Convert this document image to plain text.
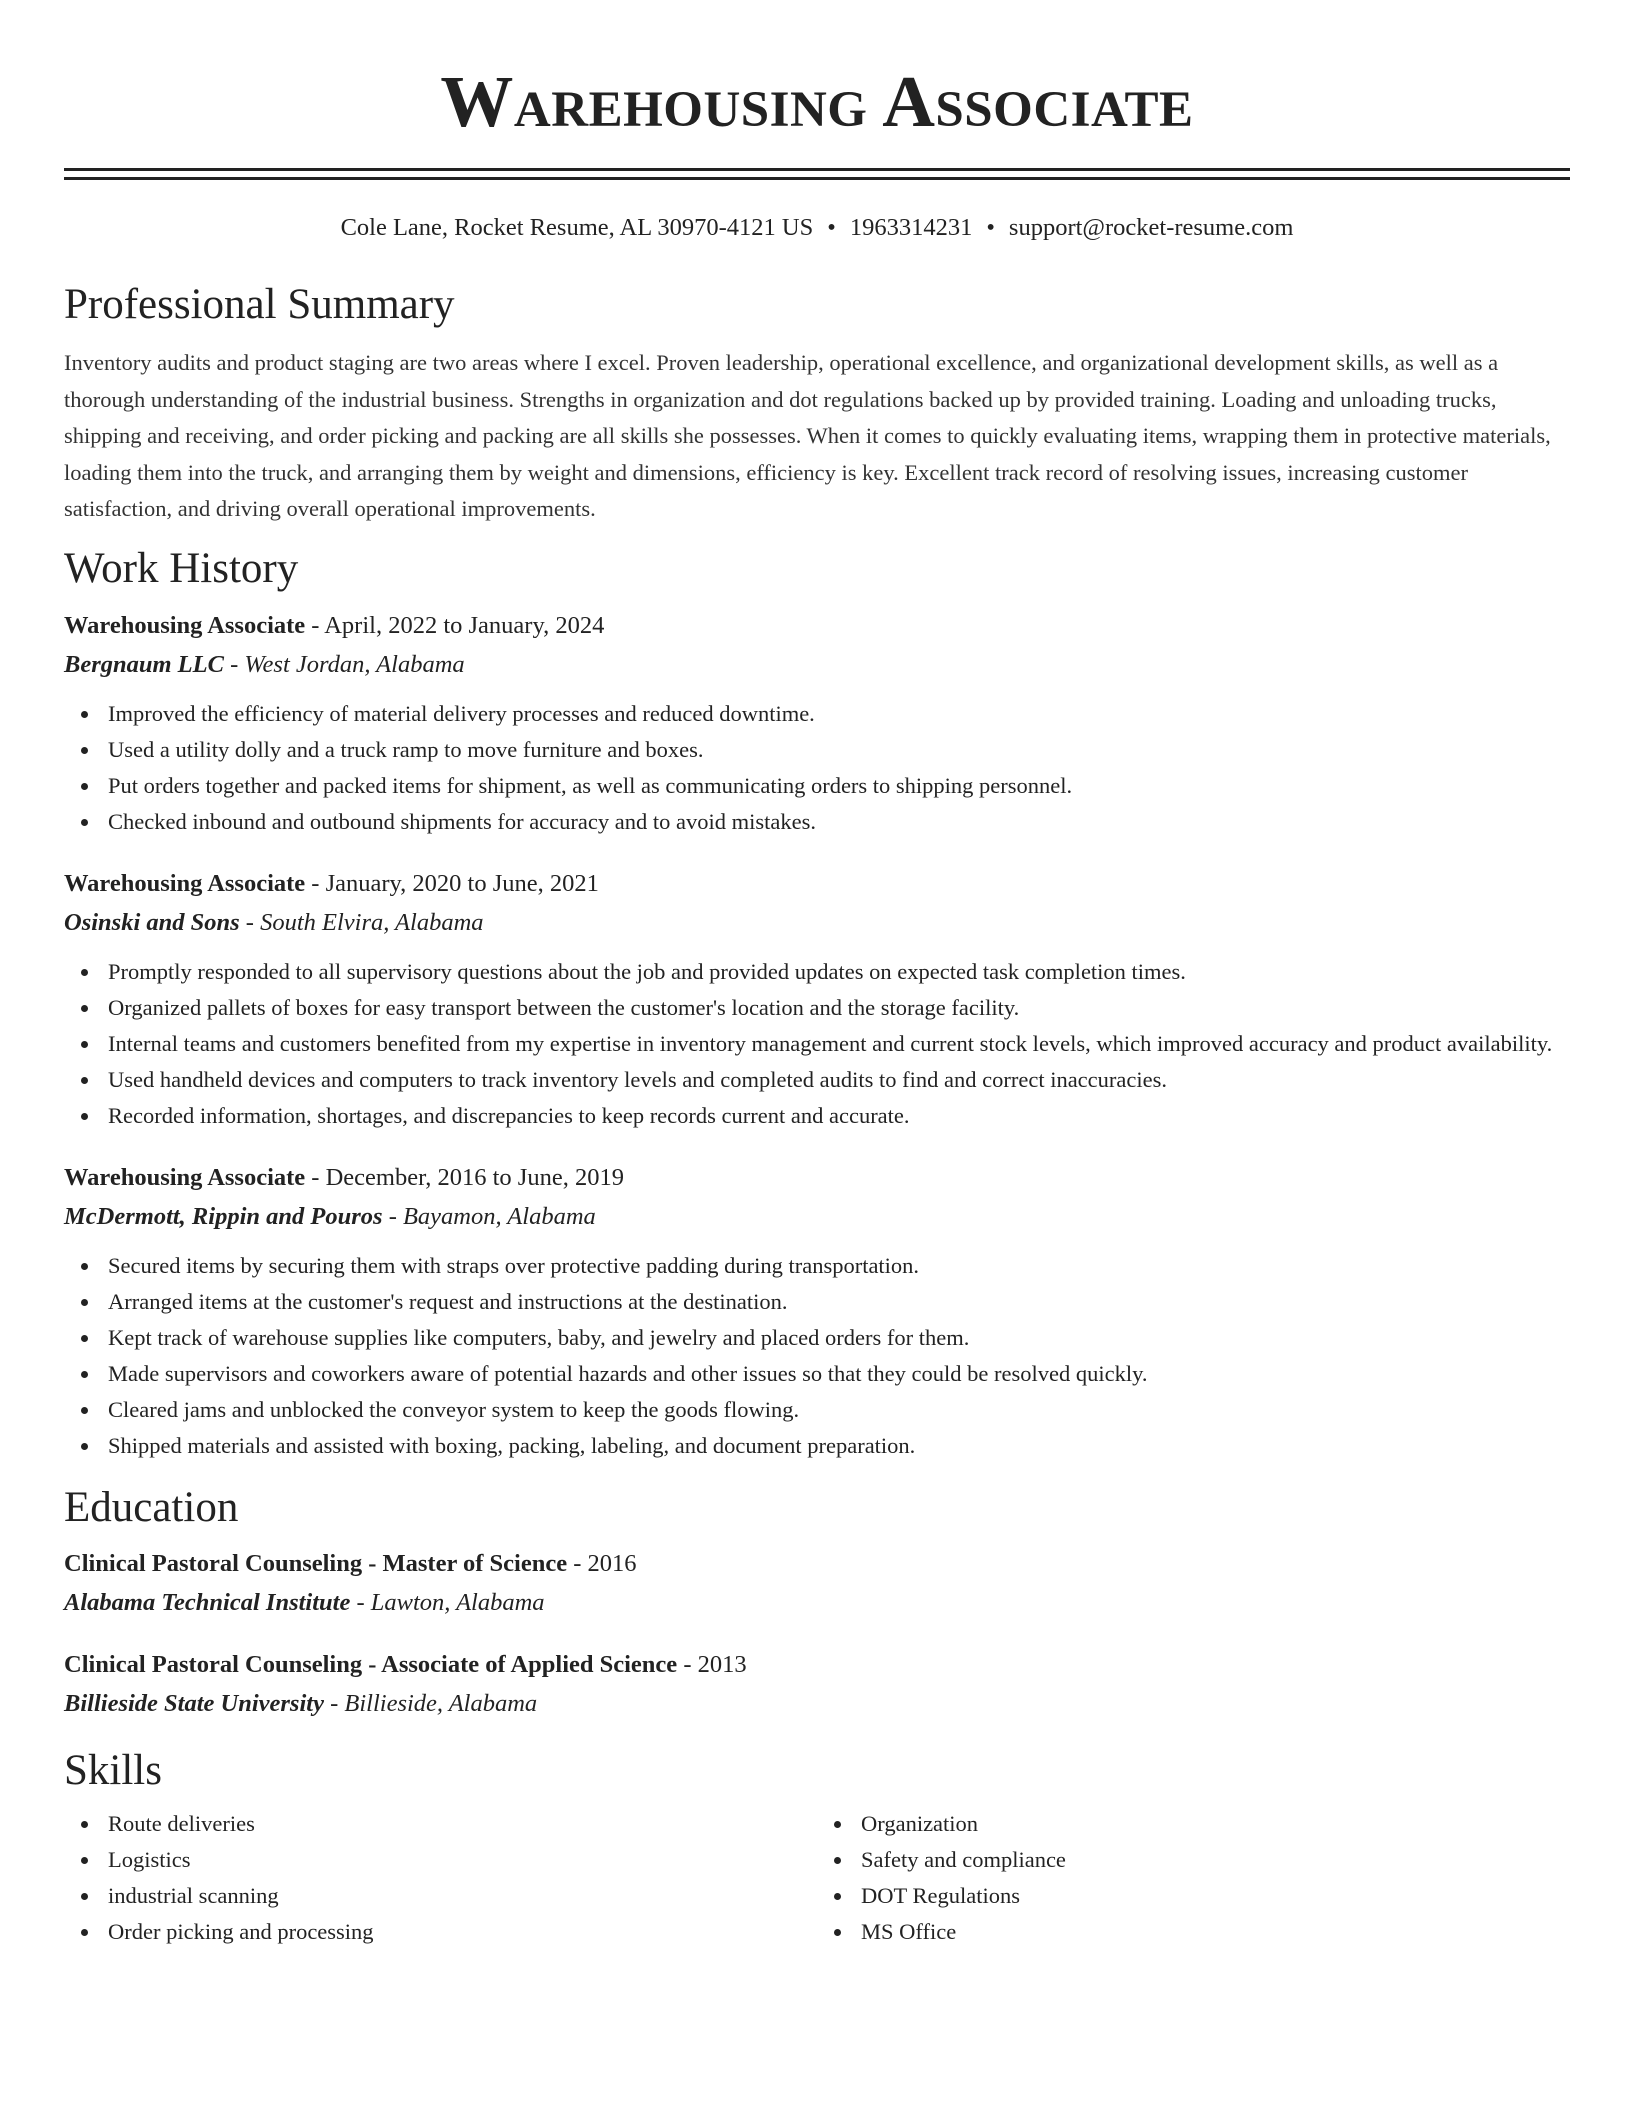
Warehousing Associate
Cole Lane, Rocket Resume, AL 30970-4121 US • 1963314231 • support@rocket-resume.com
Professional Summary

Inventory audits and product staging are two areas where I excel. Proven leadership, operational excellence, and organizational development skills, as well as a thorough understanding of the industrial business. Strengths in organization and dot regulations backed up by provided training. Loading and unloading trucks, shipping and receiving, and order picking and packing are all skills she possesses. When it comes to quickly evaluating items, wrapping them in protective materials, loading them into the truck, and arranging them by weight and dimensions, efficiency is key. Excellent track record of resolving issues, increasing customer satisfaction, and driving overall operational improvements.

Work History
Warehousing Associate - April, 2022 to January, 2024
Bergnaum LLC - West Jordan, Alabama
Improved the efficiency of material delivery processes and reduced downtime.
Used a utility dolly and a truck ramp to move furniture and boxes.
Put orders together and packed items for shipment, as well as communicating orders to shipping personnel.
Checked inbound and outbound shipments for accuracy and to avoid mistakes.
Warehousing Associate - January, 2020 to June, 2021
Osinski and Sons - South Elvira, Alabama
Promptly responded to all supervisory questions about the job and provided updates on expected task completion times.
Organized pallets of boxes for easy transport between the customer's location and the storage facility.
Internal teams and customers benefited from my expertise in inventory management and current stock levels, which improved accuracy and product availability.
Used handheld devices and computers to track inventory levels and completed audits to find and correct inaccuracies.
Recorded information, shortages, and discrepancies to keep records current and accurate.
Warehousing Associate - December, 2016 to June, 2019
McDermott, Rippin and Pouros - Bayamon, Alabama
Secured items by securing them with straps over protective padding during transportation.
Arranged items at the customer's request and instructions at the destination.
Kept track of warehouse supplies like computers, baby, and jewelry and placed orders for them.
Made supervisors and coworkers aware of potential hazards and other issues so that they could be resolved quickly.
Cleared jams and unblocked the conveyor system to keep the goods flowing.
Shipped materials and assisted with boxing, packing, labeling, and document preparation.
Education
Clinical Pastoral Counseling - Master of Science - 2016
Alabama Technical Institute - Lawton, Alabama
Clinical Pastoral Counseling - Associate of Applied Science - 2013
Billieside State University - Billieside, Alabama
Skills
Route deliveries
Logistics
industrial scanning
Order picking and processing
Organization
Safety and compliance
DOT Regulations
MS Office
